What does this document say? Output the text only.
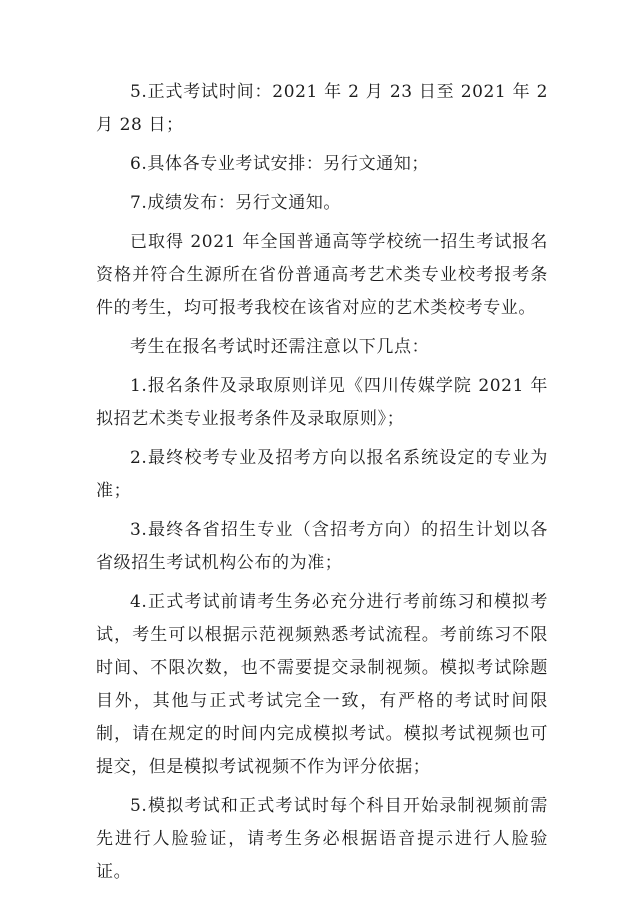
5.正式考试时间：2021 年 2 月 23 日至 2021 年 2 月 28 日；

6.具体各专业考试安排：另行文通知；

7.成绩发布：另行文通知。

已取得 2021 年全国普通高等学校统一招生考试报名资格并符合生源所在省份普通高考艺术类专业校考报考条件的考生，均可报考我校在该省对应的艺术类校考专业。

考生在报名考试时还需注意以下几点：

1.报名条件及录取原则详见《四川传媒学院 2021 年拟招艺术类专业报考条件及录取原则》；

2.最终校考专业及招考方向以报名系统设定的专业为准；

3.最终各省招生专业（含招考方向）的招生计划以各省级招生考试机构公布的为准；

4.正式考试前请考生务必充分进行考前练习和模拟考试，考生可以根据示范视频熟悉考试流程。考前练习不限时间、不限次数，也不需要提交录制视频。模拟考试除题目外，其他与正式考试完全一致，有严格的考试时间限制，请在规定的时间内完成模拟考试。模拟考试视频也可提交，但是模拟考试视频不作为评分依据；

5.模拟考试和正式考试时每个科目开始录制视频前需先进行人脸验证，请考生务必根据语音提示进行人脸验证。
